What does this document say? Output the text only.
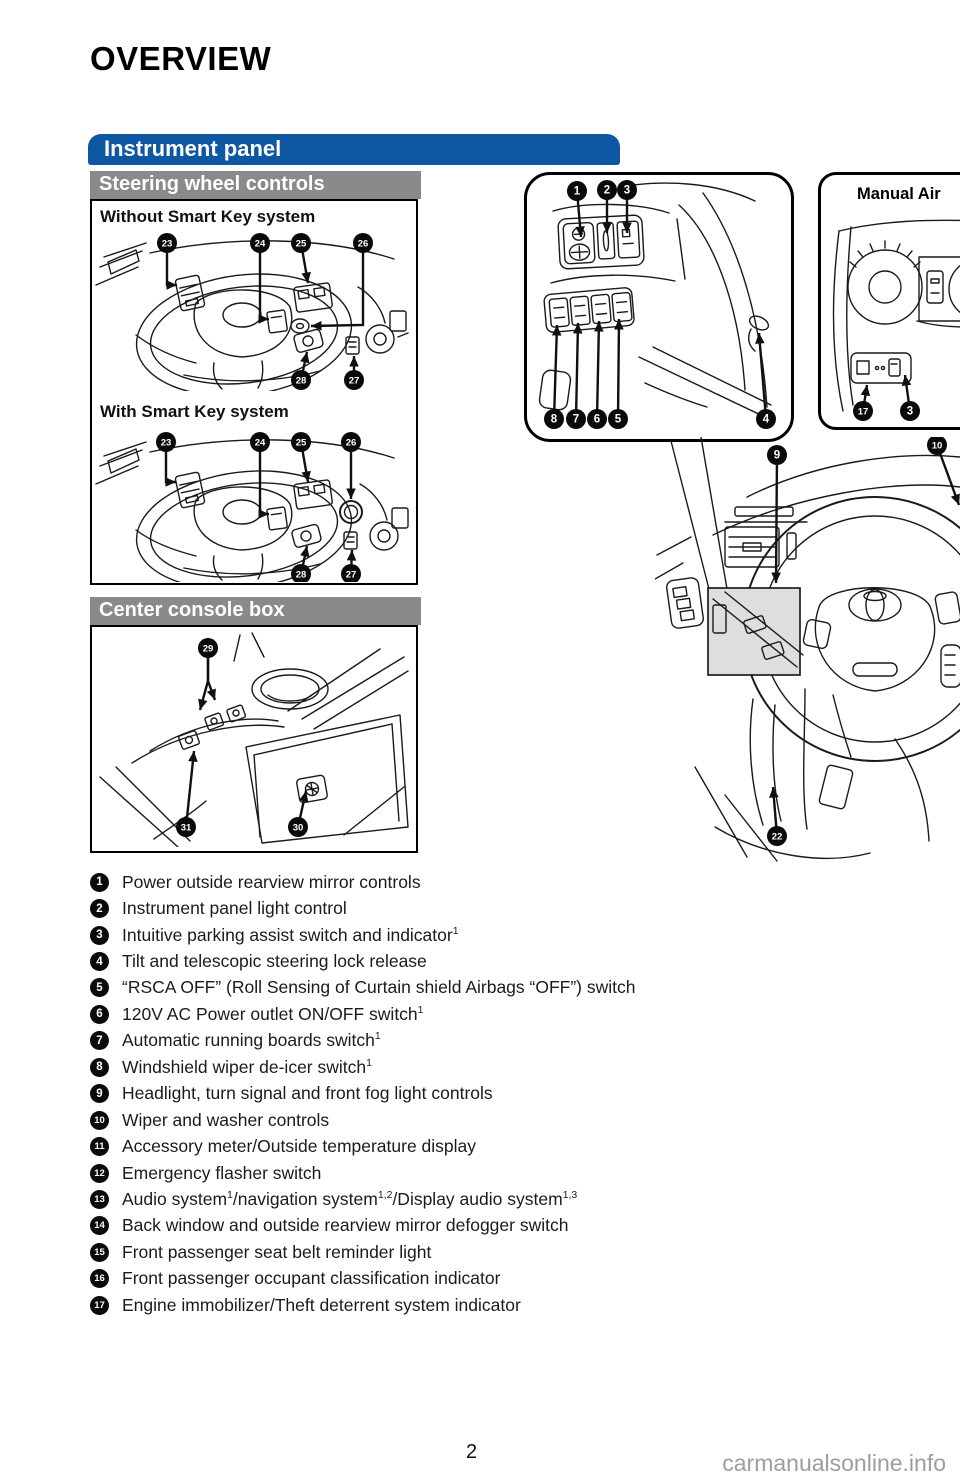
OVERVIEW
Instrument panel
Steering wheel controls
Without Smart Key system
23	24	25	26
28	27
With Smart Key system
23	24	25	26
28	27
Center console box
29
31	30
1 2 3
8 7 6 5	4
Manual Air
17	3
9
10
22
1	Power outside rearview mirror controls
2	Instrument panel light control
3	Intuitive parking assist switch and indicator$^1$
4	Tilt and telescopic steering lock release
5	“RSCA OFF” (Roll Sensing of Curtain shield Airbags “OFF”) switch
6	120V AC Power outlet ON/OFF switch$^1$
7	Automatic running boards switch$^1$
8	Windshield wiper de-icer switch$^1$
9	Headlight, turn signal and front fog light controls
10 Wiper and washer controls
11 Accessory meter/Outside temperature display
12 Emergency flasher switch
13 Audio system$^1$/navigation system$^{1,2}$/Display audio system$^{1,3}$
14 Back window and outside rearview mirror defogger switch
15 Front passenger seat belt reminder light
16 Front passenger occupant classification indicator
17 Engine immobilizer/Theft deterrent system indicator
2	carmanualsonline.info
